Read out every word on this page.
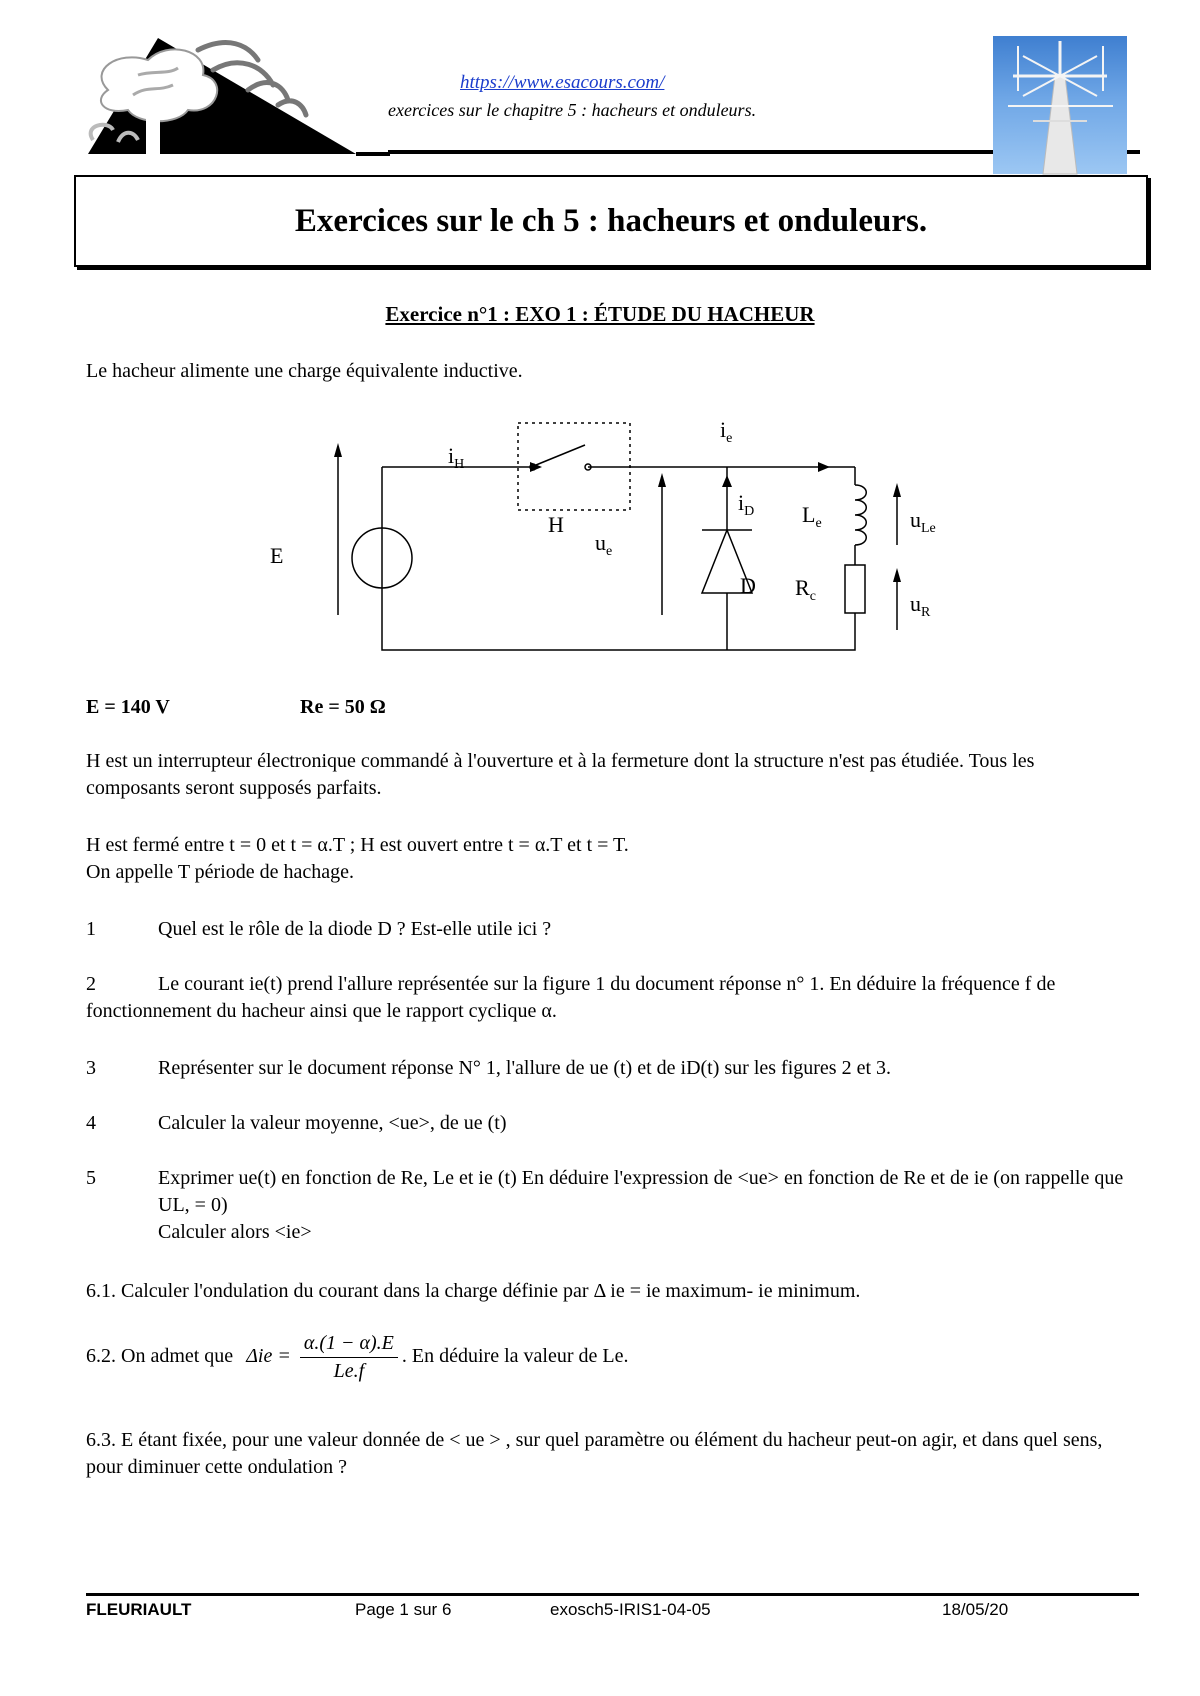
https://www.esacours.com/
exercices sur le chapitre 5 : hacheurs et onduleurs.
Exercices sur le ch 5 : hacheurs et onduleurs.
Exercice n°1 : EXO 1 : ÉTUDE DU HACHEUR
Le hacheur alimente une charge équivalente inductive.
$i_H$
H
$i_e$
E
$u_e$
$i_D$
D
$L_e$
$R_c$
$u_{Le}$
$u_R$
E = 140 V	Re = 50 Ω
H est un interrupteur électronique commandé à l'ouverture et à la fermeture dont la structure n'est pas étudiée. Tous les composants seront supposés parfaits.
H est fermé entre t = 0 et t = α.T ; H est ouvert entre t = α.T et t = T.
On appelle T période de hachage.
1	Quel est le rôle de la diode D ? Est-elle utile ici ?
2	Le courant ie(t) prend l'allure représentée sur la figure 1 du document réponse n° 1. En déduire la fréquence f de fonctionnement du hacheur ainsi que le rapport cyclique α.
3	Représenter sur le document réponse N° 1, l'allure de ue (t) et de iD(t) sur les figures 2 et 3.
4	Calculer la valeur moyenne, <ue>, de ue (t)
5	Exprimer ue(t) en fonction de Re, Le et ie (t) En déduire l'expression de <ue> en fonction de Re et de ie (on rappelle que UL, = 0)
Calculer alors <ie>
6.1. Calculer l'ondulation du courant dans la charge définie par Δ ie = ie maximum- ie minimum.
6.2. On admet que $\Delta ie = \frac{\alpha.(1 - \alpha).E}{Le.f}$ . En déduire la valeur de Le.
6.3. E étant fixée, pour une valeur donnée de < ue > , sur quel paramètre ou élément du hacheur peut-on agir, et dans quel sens, pour diminuer cette ondulation ?
FLEURIAULT	Page 1 sur 6	exosch5-IRIS1-04-05	18/05/20
